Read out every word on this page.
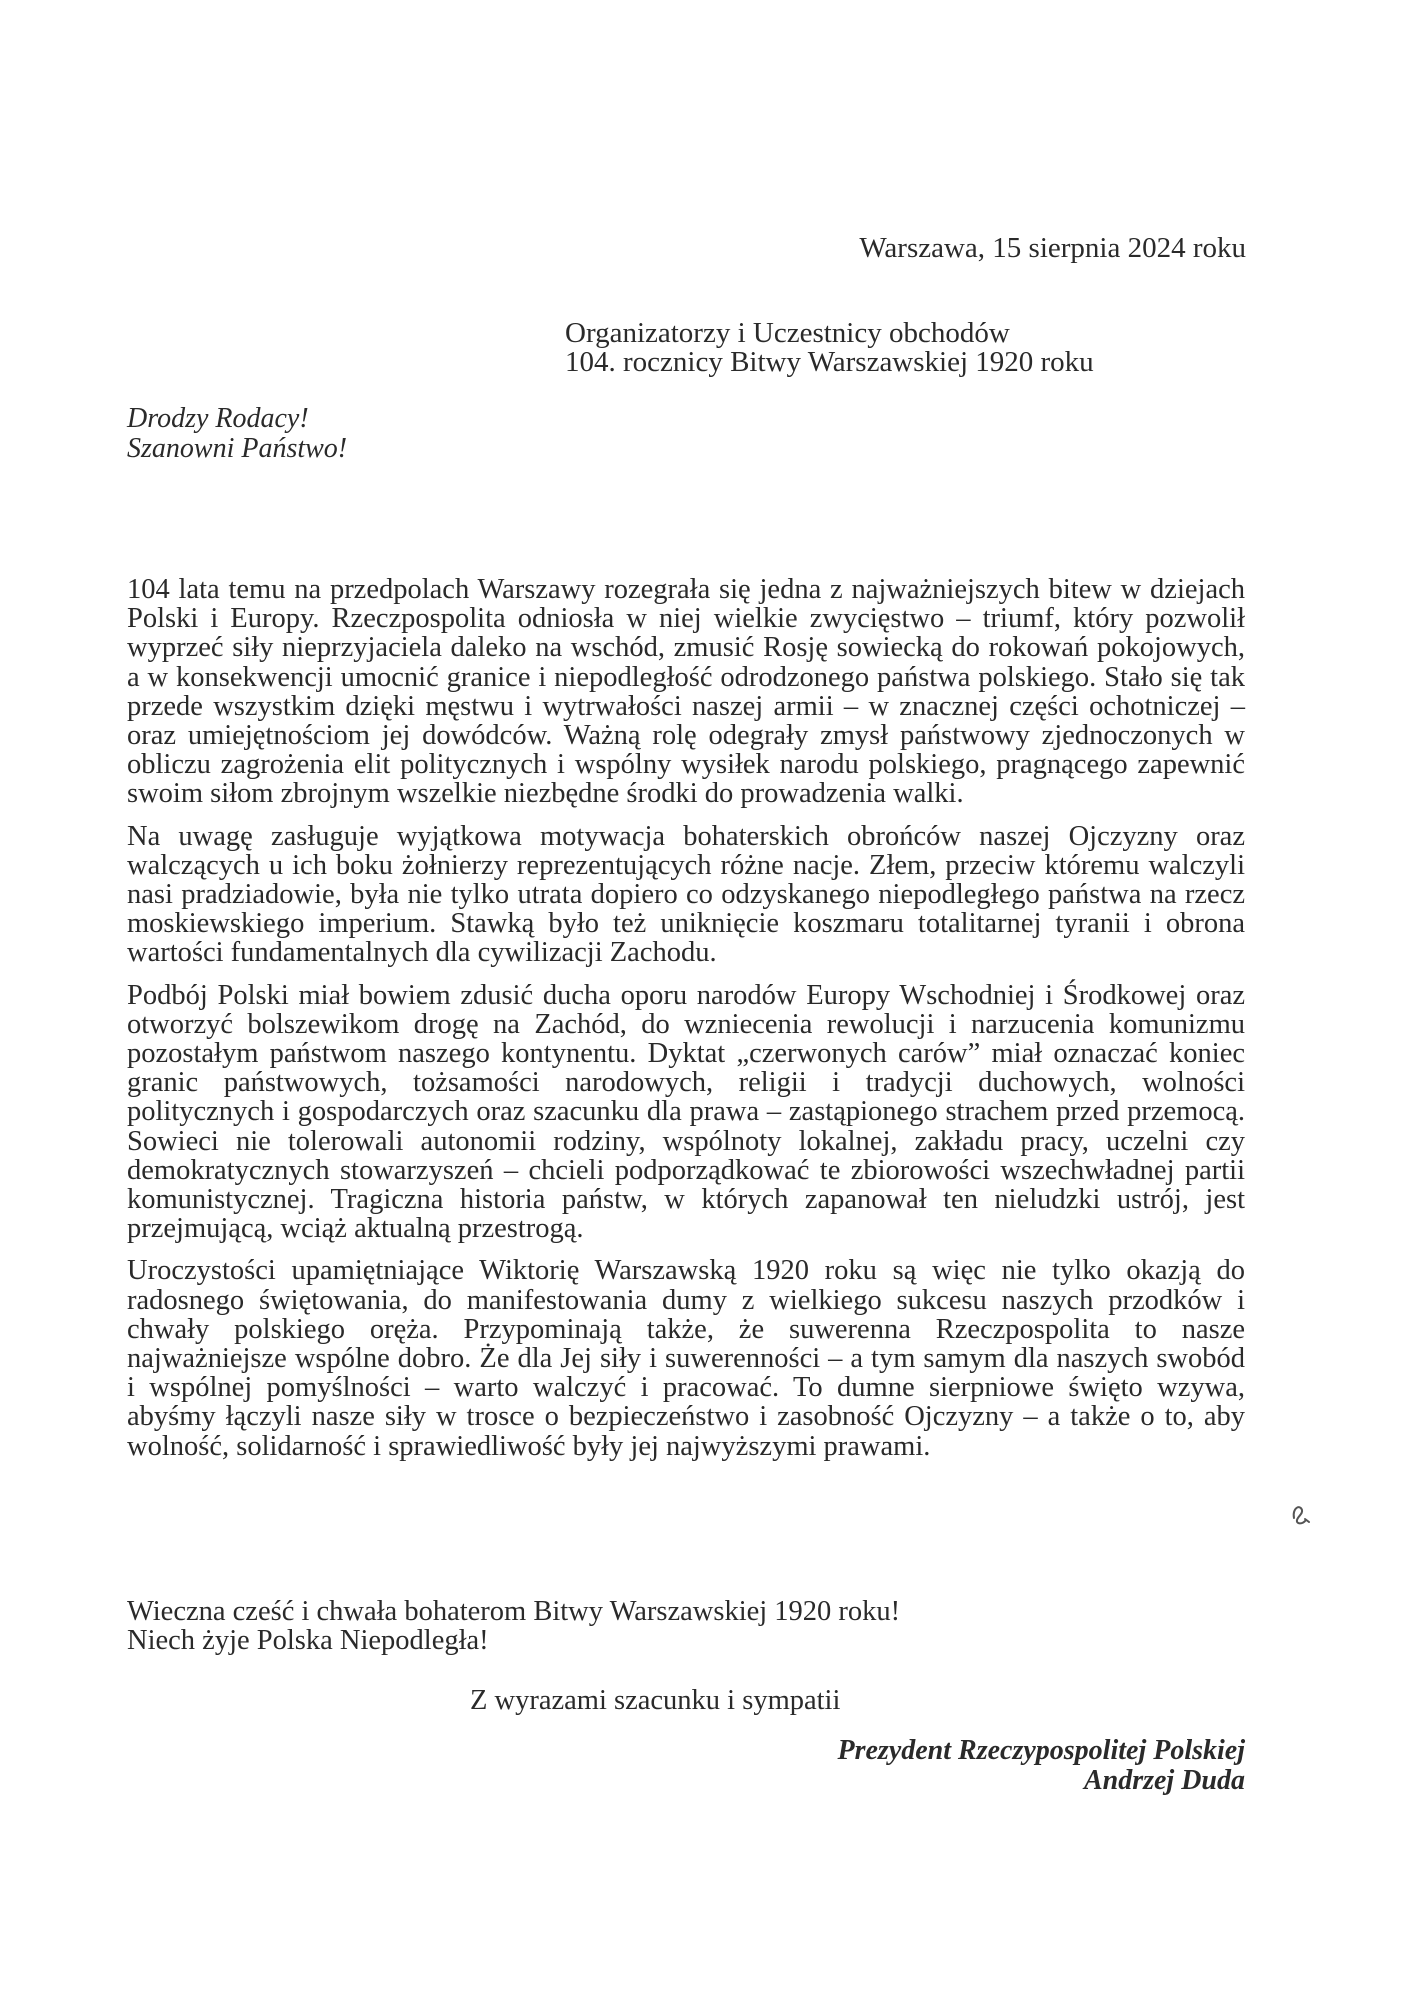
Warszawa, 15 sierpnia 2024 roku
Organizatorzy i Uczestnicy obchodów
104. rocznicy Bitwy Warszawskiej 1920 roku
Drodzy Rodacy!
Szanowni Państwo!

104 lata temu na przedpolach Warszawy rozegrała się jedna z najważniejszych bitew w dziejach Polski i Europy. Rzeczpospolita odniosła w niej wielkie zwycięstwo – triumf, który pozwolił wyprzeć siły nieprzyjaciela daleko na wschód, zmusić Rosję sowiecką do rokowań pokojowych, a w konsekwencji umocnić granice i niepodległość odrodzonego państwa polskiego. Stało się tak przede wszystkim dzięki męstwu i wytrwałości naszej armii – w znacznej części ochotniczej – oraz umiejętnościom jej dowódców. Ważną rolę odegrały zmysł państwowy zjednoczonych w obliczu zagrożenia elit politycznych i wspólny wysiłek narodu polskiego, pragnącego zapewnić swoim siłom zbrojnym wszelkie niezbędne środki do prowadzenia walki.

Na uwagę zasługuje wyjątkowa motywacja bohaterskich obrońców naszej Ojczyzny oraz walczących u ich boku żołnierzy reprezentujących różne nacje. Złem, przeciw któremu walczyli nasi pradziadowie, była nie tylko utrata dopiero co odzyskanego niepodległego państwa na rzecz moskiewskiego imperium. Stawką było też uniknięcie koszmaru totalitarnej tyranii i obrona wartości fundamentalnych dla cywilizacji Zachodu.

Podbój Polski miał bowiem zdusić ducha oporu narodów Europy Wschodniej i Środkowej oraz otworzyć bolszewikom drogę na Zachód, do wzniecenia rewolucji i narzucenia komunizmu pozostałym państwom naszego kontynentu. Dyktat „czerwonych carów” miał oznaczać koniec granic państwowych, tożsamości narodowych, religii i tradycji duchowych, wolności politycznych i gospodarczych oraz szacunku dla prawa – zastąpionego strachem przed przemocą. Sowieci nie tolerowali autonomii rodziny, wspólnoty lokalnej, zakładu pracy, uczelni czy demokratycznych stowarzyszeń – chcieli podporządkować te zbiorowości wszechwładnej partii komunistycznej. Tragiczna historia państw, w których zapanował ten nieludzki ustrój, jest przejmującą, wciąż aktualną przestrogą.

Uroczystości upamiętniające Wiktorię Warszawską 1920 roku są więc nie tylko okazją do radosnego świętowania, do manifestowania dumy z wielkiego sukcesu naszych przodków i chwały polskiego oręża. Przypominają także, że suwerenna Rzeczpospolita to nasze najważniejsze wspólne dobro. Że dla Jej siły i suwerenności – a tym samym dla naszych swobód i wspólnej pomyślności – warto walczyć i pracować. To dumne sierpniowe święto wzywa, abyśmy łączyli nasze siły w trosce o bezpieczeństwo i zasobność Ojczyzny – a także o to, aby wolność, solidarność i sprawiedliwość były jej najwyższymi prawami.

Wieczna cześć i chwała bohaterom Bitwy Warszawskiej 1920 roku!
Niech żyje Polska Niepodległa!
Z wyrazami szacunku i sympatii
Prezydent Rzeczypospolitej Polskiej
Andrzej Duda
